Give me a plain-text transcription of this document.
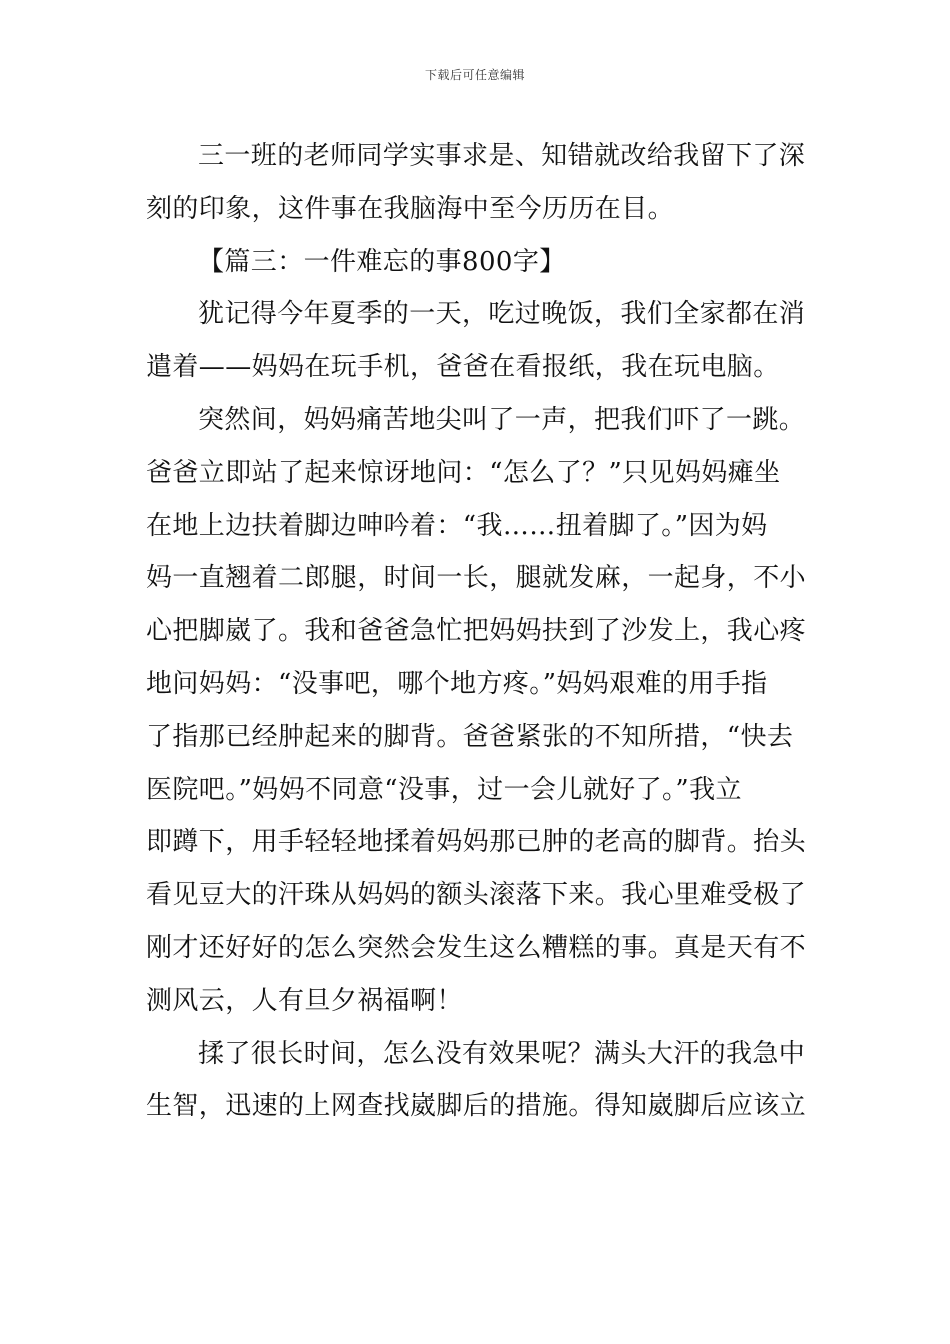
下载后可任意编辑
三一班的老师同学实事求是、知错就改给我留下了深
刻的印象，这件事在我脑海中至今历历在目。
【篇三：一件难忘的事800字】
犹记得今年夏季的一天，吃过晚饭，我们全家都在消
遣着——妈妈在玩手机，爸爸在看报纸，我在玩电脑。
突然间，妈妈痛苦地尖叫了一声，把我们吓了一跳。
爸爸立即站了起来惊讶地问：“怎么了？”只见妈妈瘫坐
在地上边扶着脚边呻吟着：“我……扭着脚了。”因为妈
妈一直翘着二郎腿，时间一长，腿就发麻，一起身，不小
心把脚崴了。我和爸爸急忙把妈妈扶到了沙发上，我心疼
地问妈妈：“没事吧，哪个地方疼。”妈妈艰难的用手指
了指那已经肿起来的脚背。爸爸紧张的不知所措，“快去
医院吧。”妈妈不同意“没事，过一会儿就好了。”我立
即蹲下，用手轻轻地揉着妈妈那已肿的老高的脚背。抬头
看见豆大的汗珠从妈妈的额头滚落下来。我心里难受极了
刚才还好好的怎么突然会发生这么糟糕的事。真是天有不
测风云，人有旦夕祸福啊！
揉了很长时间，怎么没有效果呢？满头大汗的我急中
生智，迅速的上网查找崴脚后的措施。得知崴脚后应该立
